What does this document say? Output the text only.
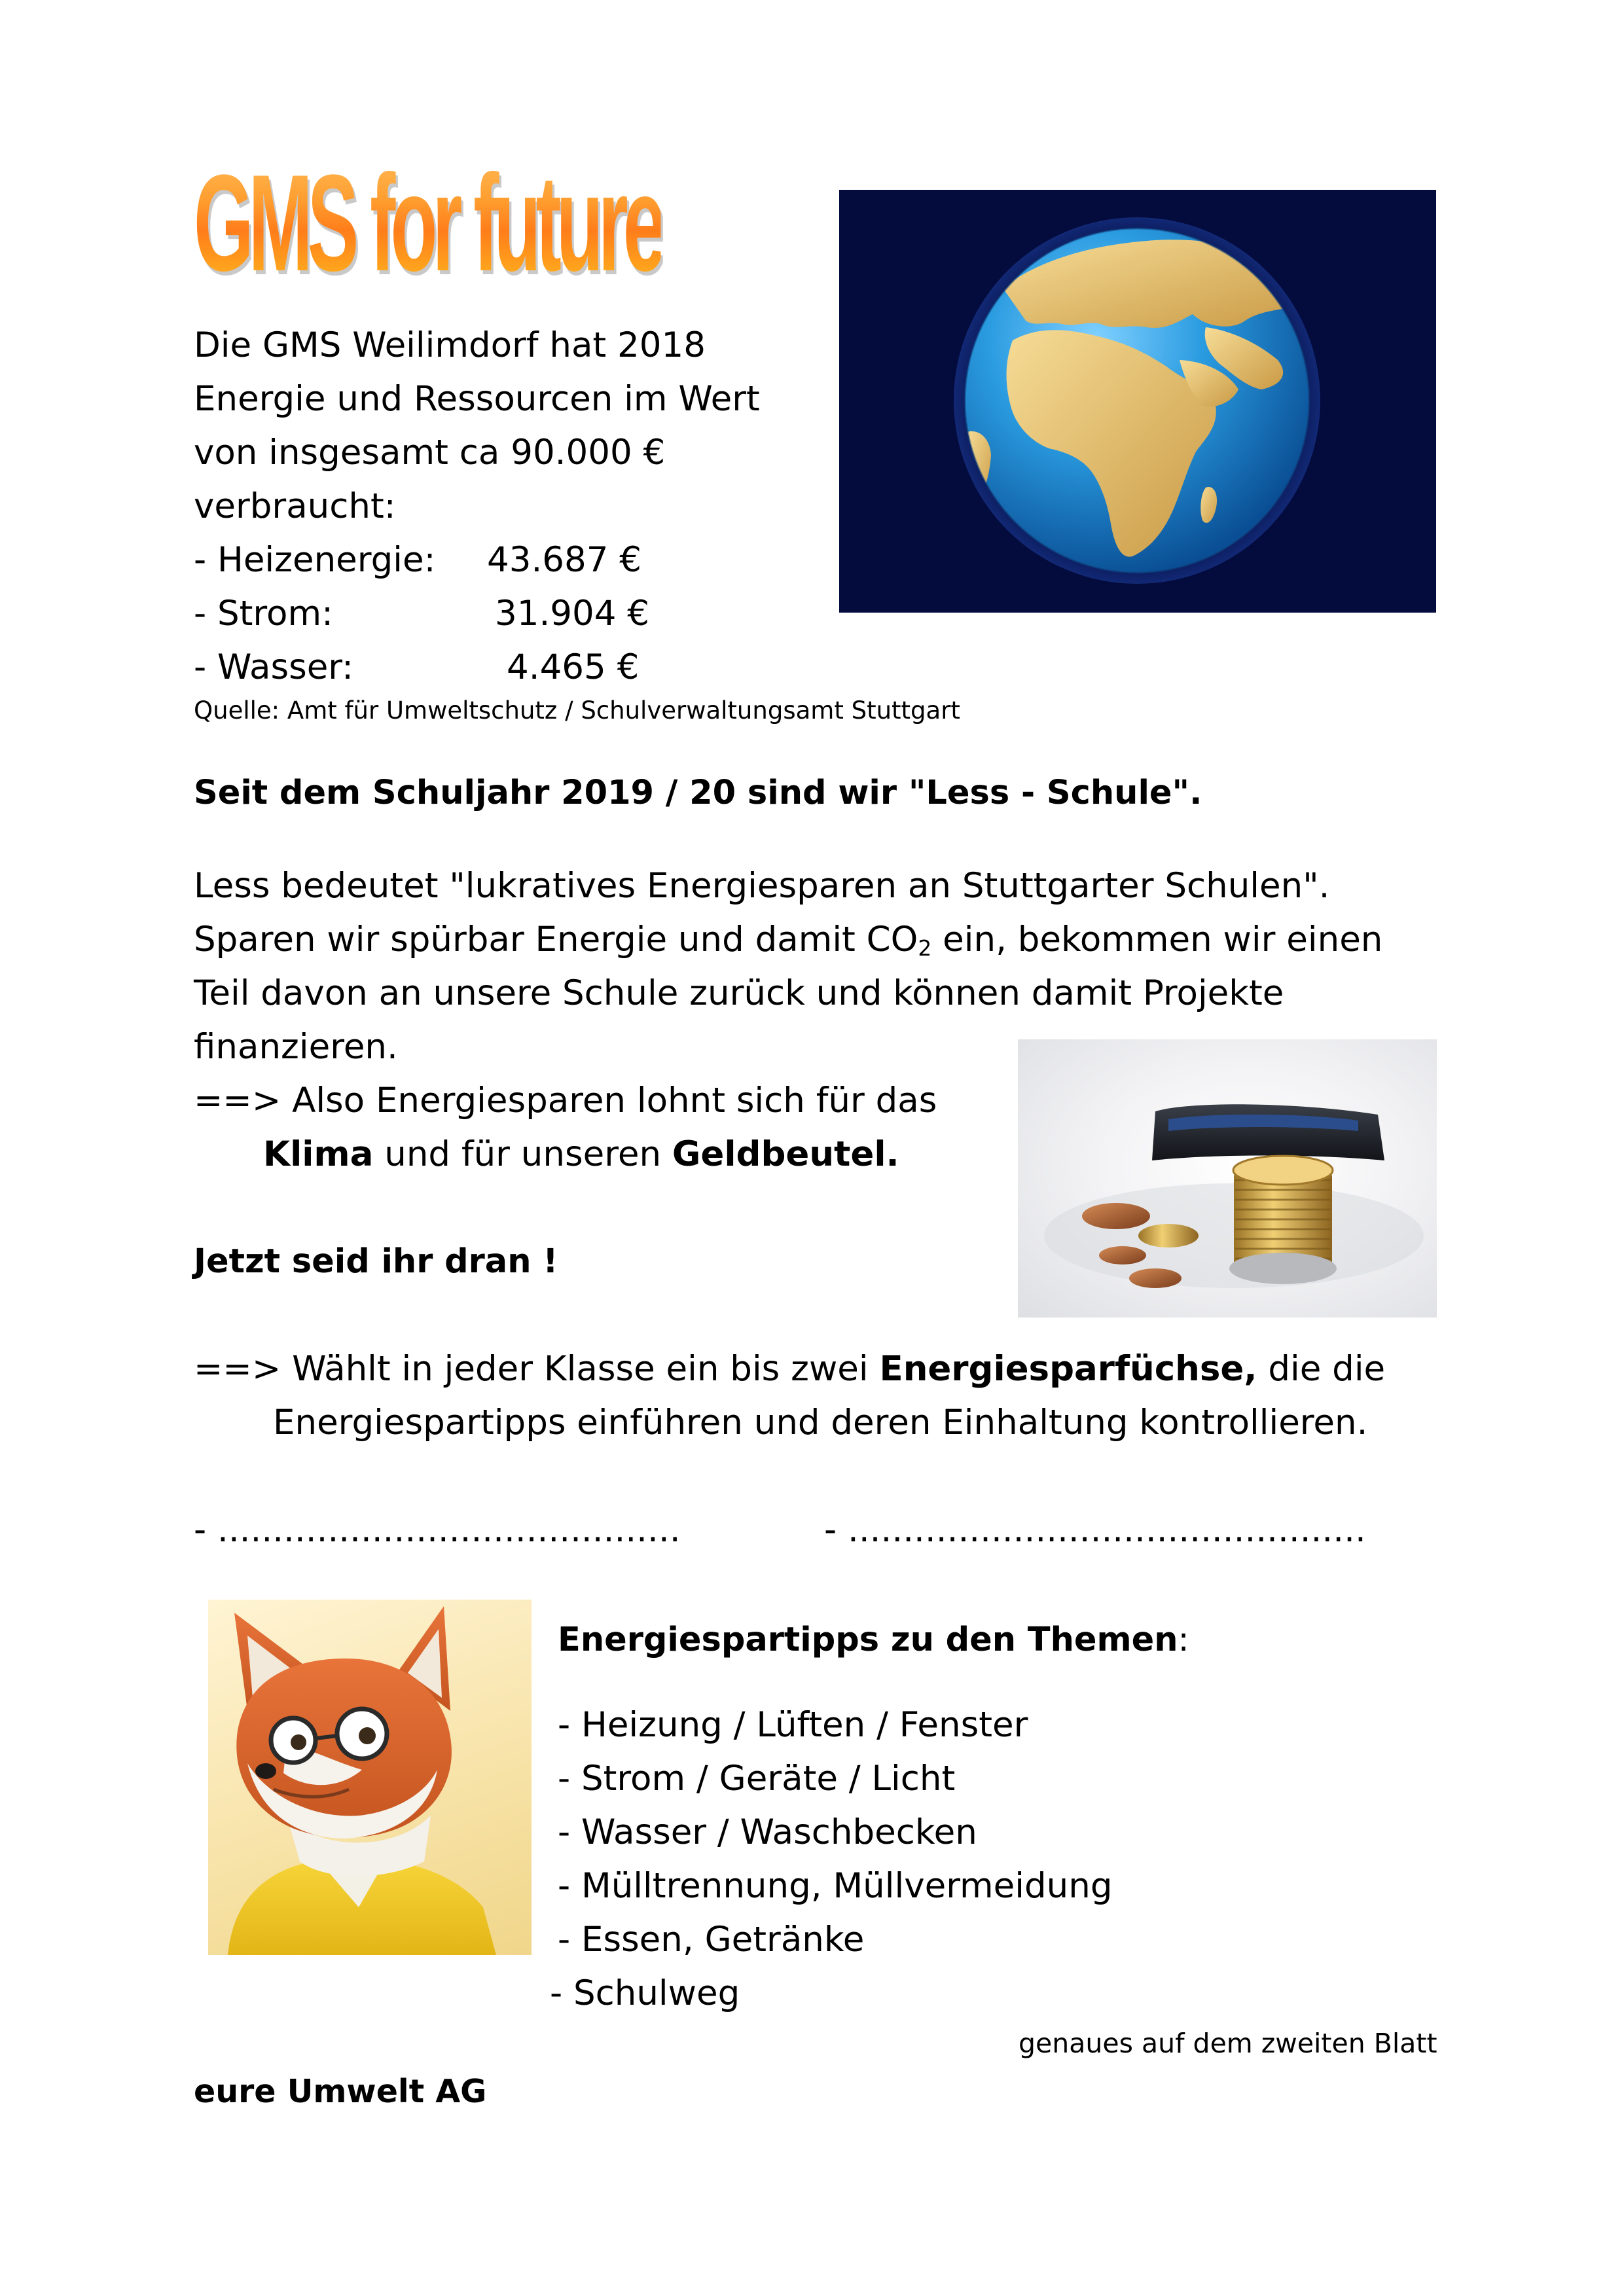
GMS for future
Die GMS Weilimdorf hat 2018
Energie und Ressourcen im Wert
von insgesamt ca 90.000 €
verbraucht:
- Heizenergie: 43.687 €
- Strom:	31.904 €
- Wasser:	4.465 €
Quelle: Amt für Umweltschutz / Schulverwaltungsamt Stuttgart
Seit dem Schuljahr 2019 / 20 sind wir "Less - Schule".
Less bedeutet "lukratives Energiesparen an Stuttgarter Schulen".
Sparen wir spürbar Energie und damit $CO_2$ ein, bekommen wir einen
Teil davon an unsere Schule zurück und können damit Projekte
finanzieren.
==> Also Energiesparen lohnt sich für das
Klima und für unseren Geldbeutel.
Jetzt seid ihr dran !
==> Wählt in jeder Klasse ein bis zwei Energiesparfüchse, die die
Energiespartipps einführen und deren Einhaltung kontrollieren.
- ..........................................	- ...............................................
Energiespartipps zu den Themen:
- Heizung / Lüften / Fenster
- Strom / Geräte / Licht
- Wasser / Waschbecken
- Mülltrennung, Müllvermeidung
- Essen, Getränke
- Schulweg
genaues auf dem zweiten Blatt
eure Umwelt AG
